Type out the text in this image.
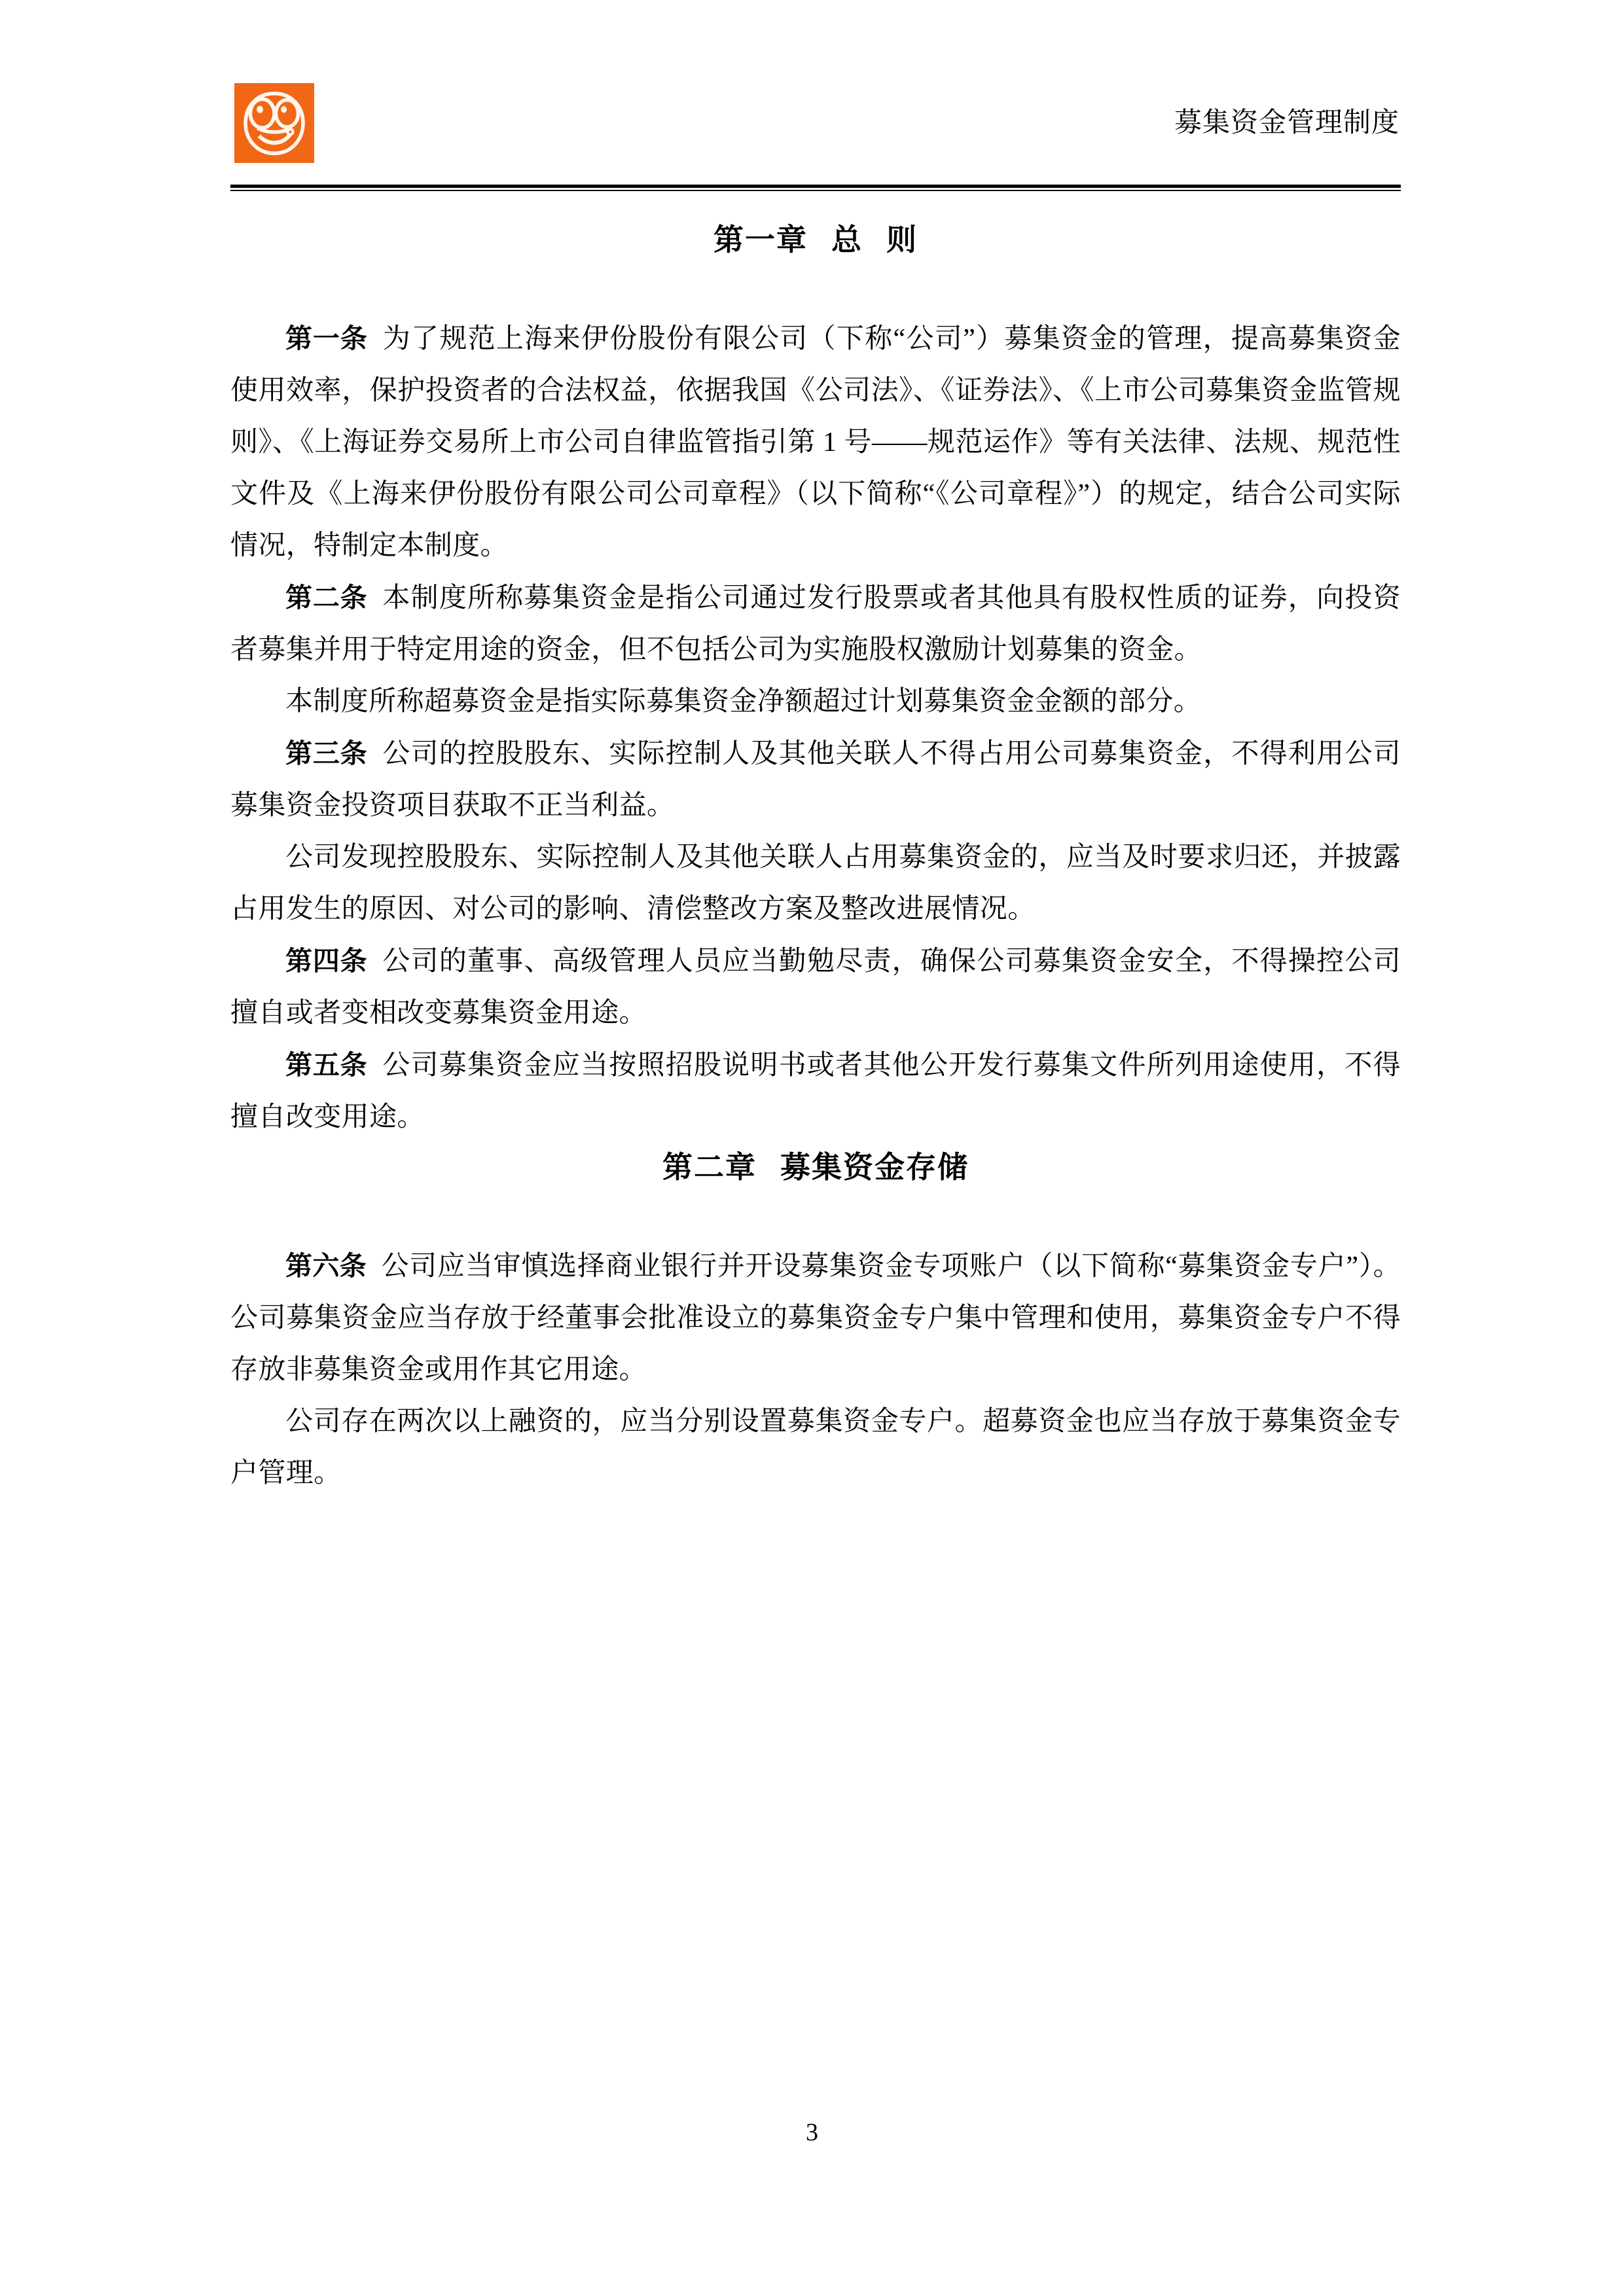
募集资金管理制度
第一章  总  则

第一条 为了规范上海来伊份股份有限公司（下称“公司”）募集资金的管理，提高募集资金使用效率，保护投资者的合法权益，依据我国《公司法》、《证券法》、《上市公司募集资金监管规则》、《上海证券交易所上市公司自律监管指引第 1 号——规范运作》等有关法律、法规、规范性文件及《上海来伊份股份有限公司公司章程》（以下简称“《公司章程》”）的规定，结合公司实际情况，特制定本制度。

第二条 本制度所称募集资金是指公司通过发行股票或者其他具有股权性质的证券，向投资者募集并用于特定用途的资金，但不包括公司为实施股权激励计划募集的资金。

本制度所称超募资金是指实际募集资金净额超过计划募集资金金额的部分。

第三条 公司的控股股东、实际控制人及其他关联人不得占用公司募集资金，不得利用公司募集资金投资项目获取不正当利益。

公司发现控股股东、实际控制人及其他关联人占用募集资金的，应当及时要求归还，并披露占用发生的原因、对公司的影响、清偿整改方案及整改进展情况。

第四条 公司的董事、高级管理人员应当勤勉尽责，确保公司募集资金安全，不得操控公司擅自或者变相改变募集资金用途。

第五条 公司募集资金应当按照招股说明书或者其他公开发行募集文件所列用途使用，不得擅自改变用途。

第二章  募集资金存储

第六条 公司应当审慎选择商业银行并开设募集资金专项账户（以下简称“募集资金专户”）。公司募集资金应当存放于经董事会批准设立的募集资金专户集中管理和使用，募集资金专户不得存放非募集资金或用作其它用途。

公司存在两次以上融资的，应当分别设置募集资金专户。超募资金也应当存放于募集资金专户管理。

3
